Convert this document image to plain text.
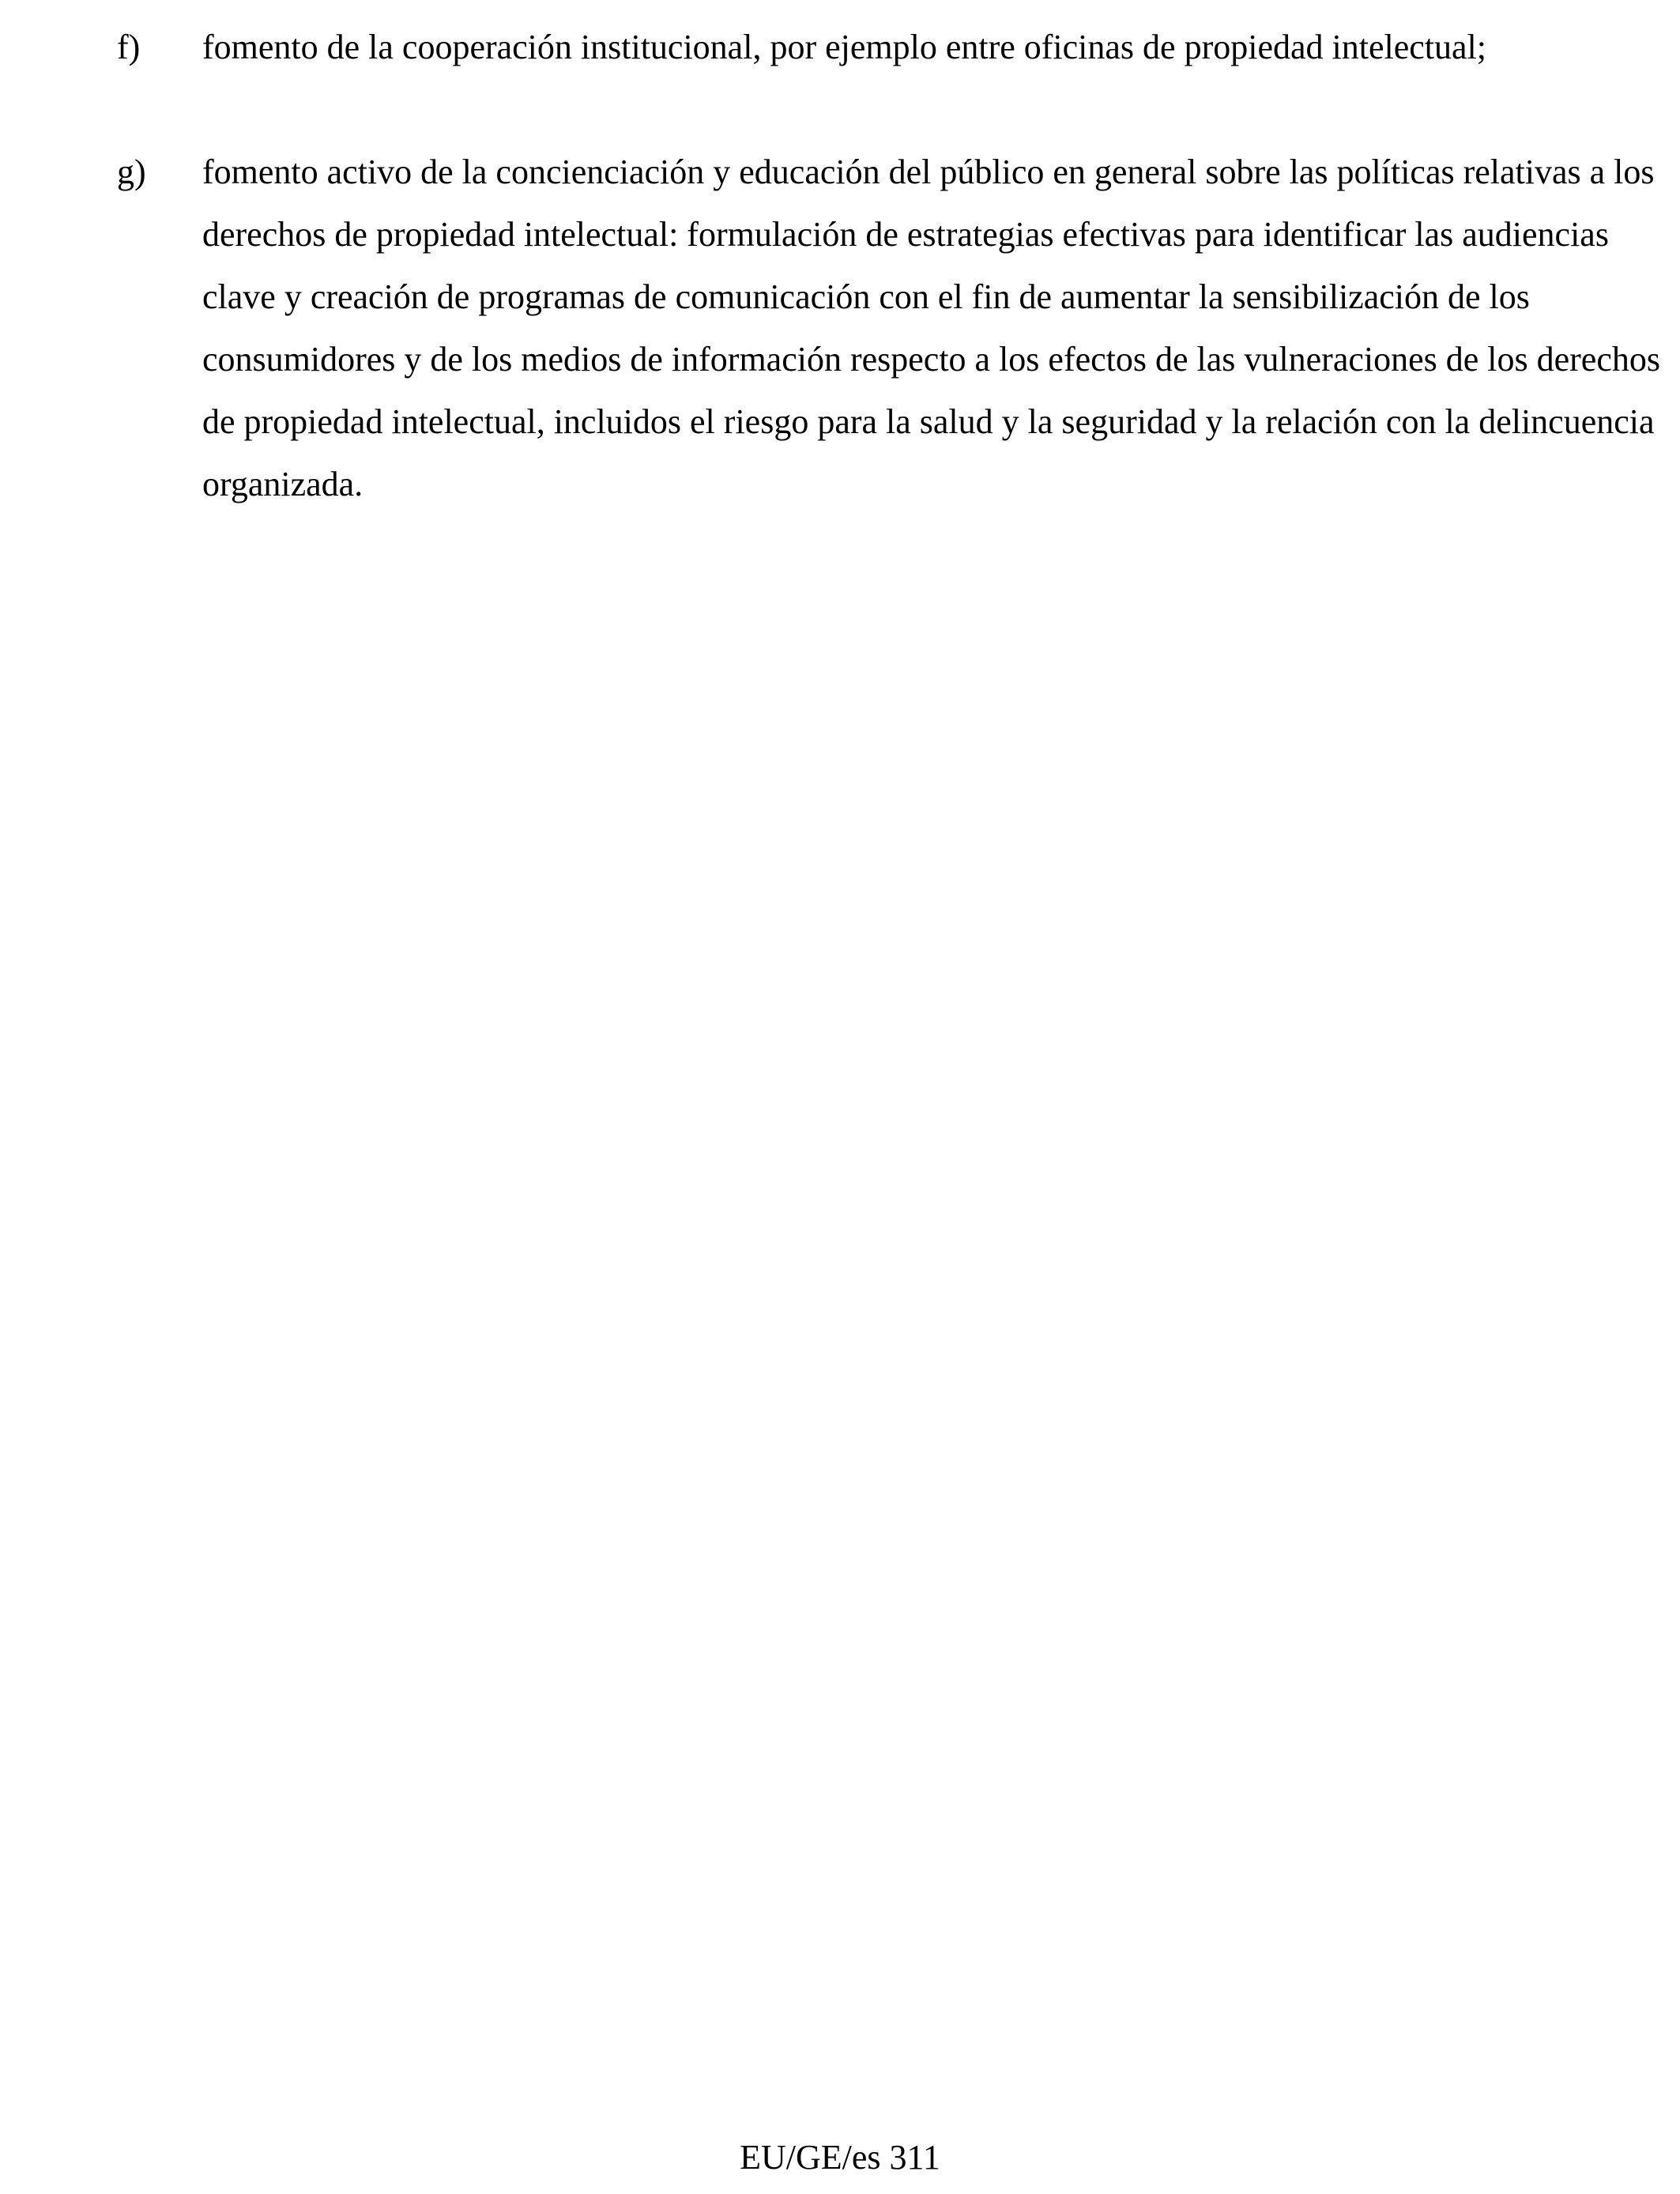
f)	fomento de la cooperación institucional, por ejemplo entre oficinas de propiedad intelectual;
g)	fomento activo de la concienciación y educación del público en general sobre las políticas relativas a los derechos de propiedad intelectual: formulación de estrategias efectivas para identificar las audiencias clave y creación de programas de comunicación con el fin de aumentar la sensibilización de los consumidores y de los medios de información respecto a los efectos de las vulneraciones de los derechos de propiedad intelectual, incluidos el riesgo para la salud y la seguridad y la relación con la delincuencia organizada.
EU/GE/es 311
